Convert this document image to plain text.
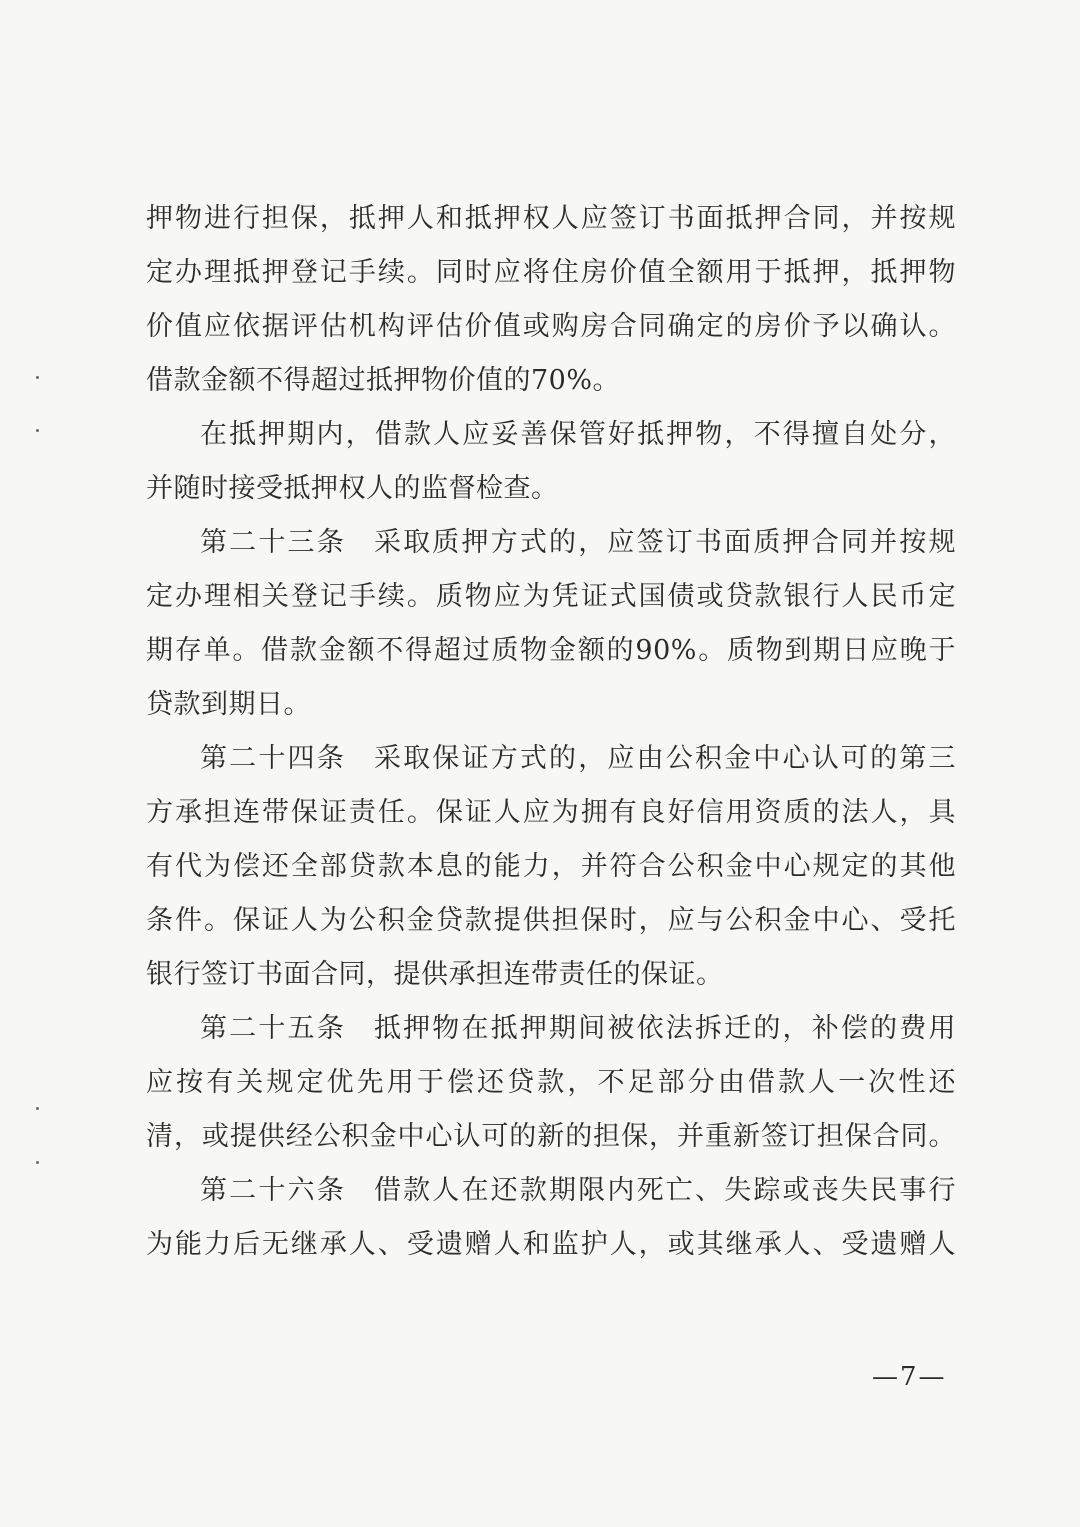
押物进行担保，抵押人和抵押权人应签订书面抵押合同，并按规

定办理抵押登记手续。同时应将住房价值全额用于抵押，抵押物

价值应依据评估机构评估价值或购房合同确定的房价予以确认。

借款金额不得超过抵押物价值的70%。

在抵押期内，借款人应妥善保管好抵押物，不得擅自处分，

并随时接受抵押权人的监督检查。

第二十三条 采取质押方式的，应签订书面质押合同并按规

定办理相关登记手续。质物应为凭证式国债或贷款银行人民币定

期存单。借款金额不得超过质物金额的90%。质物到期日应晚于

贷款到期日。

第二十四条 采取保证方式的，应由公积金中心认可的第三

方承担连带保证责任。保证人应为拥有良好信用资质的法人，具

有代为偿还全部贷款本息的能力，并符合公积金中心规定的其他

条件。保证人为公积金贷款提供担保时，应与公积金中心、受托

银行签订书面合同，提供承担连带责任的保证。

第二十五条 抵押物在抵押期间被依法拆迁的，补偿的费用

应按有关规定优先用于偿还贷款，不足部分由借款人一次性还

清，或提供经公积金中心认可的新的担保，并重新签订担保合同。

第二十六条 借款人在还款期限内死亡、失踪或丧失民事行

为能力后无继承人、受遗赠人和监护人，或其继承人、受遗赠人

—7—
